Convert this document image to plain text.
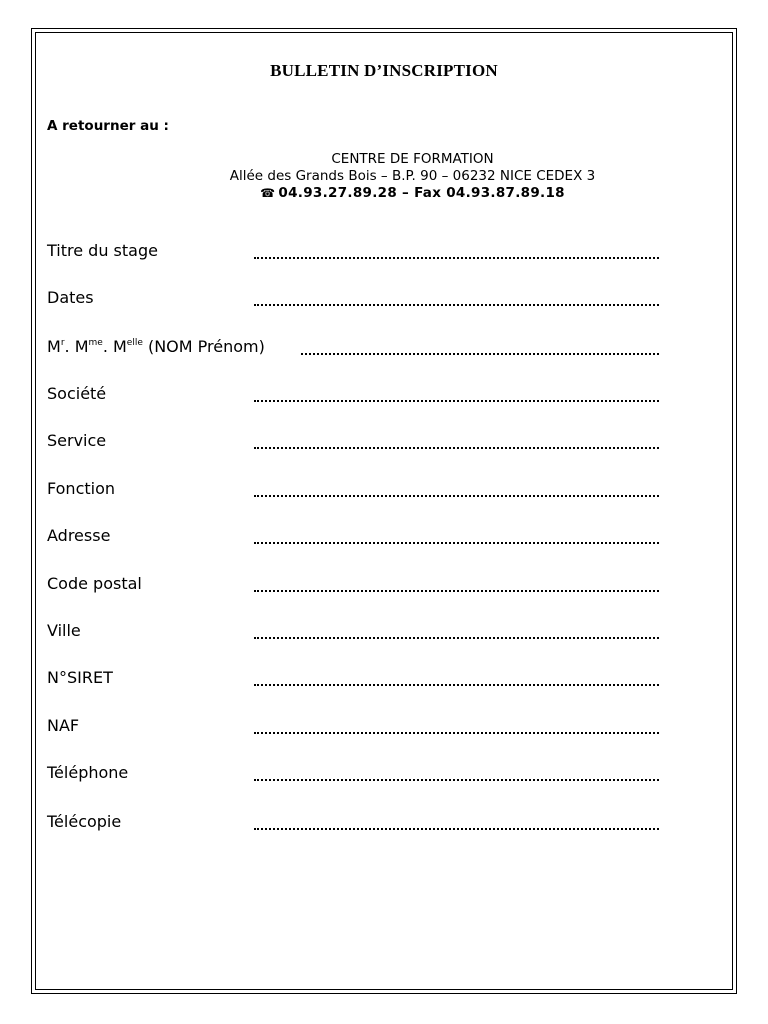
BULLETIN D’INSCRIPTION
A retourner au :
CENTRE DE FORMATION
Allée des Grands Bois – B.P. 90 – 06232 NICE CEDEX 3
☎ 04.93.27.89.28 – Fax 04.93.87.89.18
Titre du stage
Dates
$M^r$. $M^{me}$. $M^{elle}$ (NOM Prénom)
Société
Service
Fonction
Adresse
Code postal
Ville
N°SIRET
NAF
Téléphone
Télécopie
